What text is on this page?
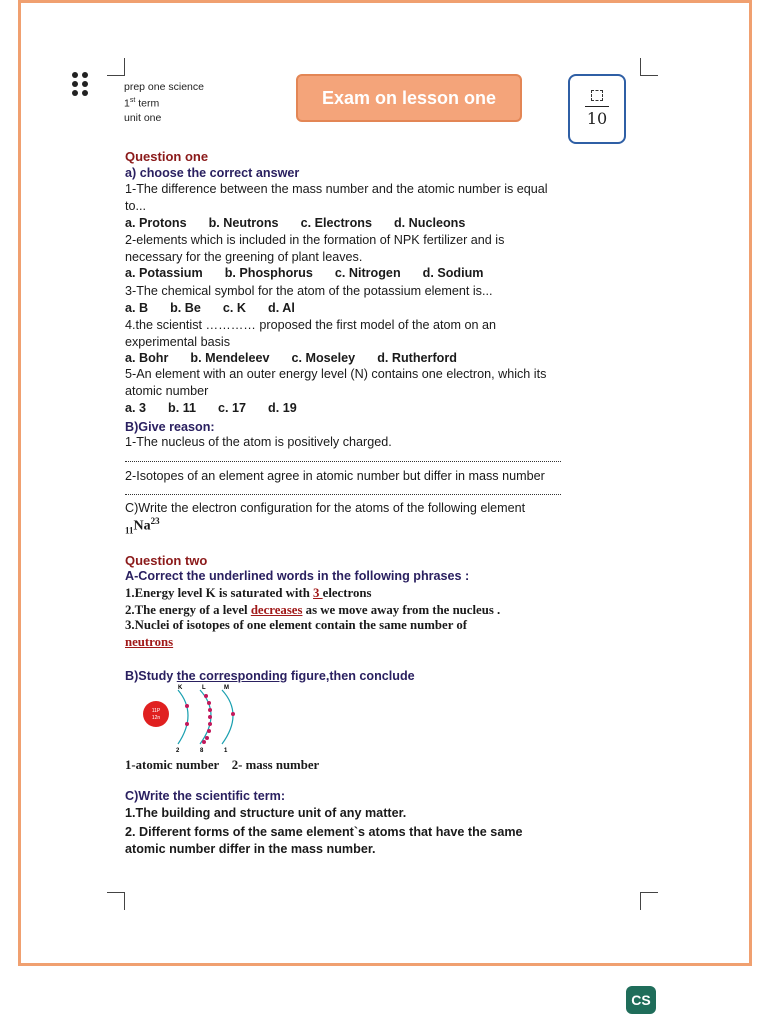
prep one science
1st term
unit one
Exam on lesson one
10
Question one
a) choose the correct answer
1-The difference between the mass number and the atomic number is equal
to...
a. Protons b. Neutrons c. Electrons d. Nucleons
2-elements which is included in the formation of NPK fertilizer and is
necessary for the greening of plant leaves.
a. Potassium b. Phosphorus c. Nitrogen d. Sodium
3-The chemical symbol for the atom of the potassium element is...
a. B b. Be c. K d. Al
4.the scientist ………… proposed the first model of the atom on an
experimental basis
a. Bohr b. Mendeleev c. Moseley d. Rutherford
5-An element with an outer energy level (N) contains one electron, which its
atomic number
a. 3 b. 11 c. 17 d. 19
B)Give reason:
1-The nucleus of the atom is positively charged.
2-Isotopes of an element agree in atomic number but differ in mass number
C)Write the electron configuration for the atoms of the following element
$_{11}Na^{23}$
Question two
A-Correct the underlined words in the following phrases :
1.Energy level K is saturated with 3 electrons
2.The energy of a level decreases as we move away from the nucleus .
3.Nuclei of isotopes of one element contain the same number of
neutrons
B)Study the corresponding figure,then conclude
K	L	M
11P
12n
2	8	1
1-atomic number    2- mass number
C)Write the scientific term:
1.The building and structure unit of any matter.
2. Different forms of the same element`s atoms that have the same
atomic number differ in the mass number.
CS
